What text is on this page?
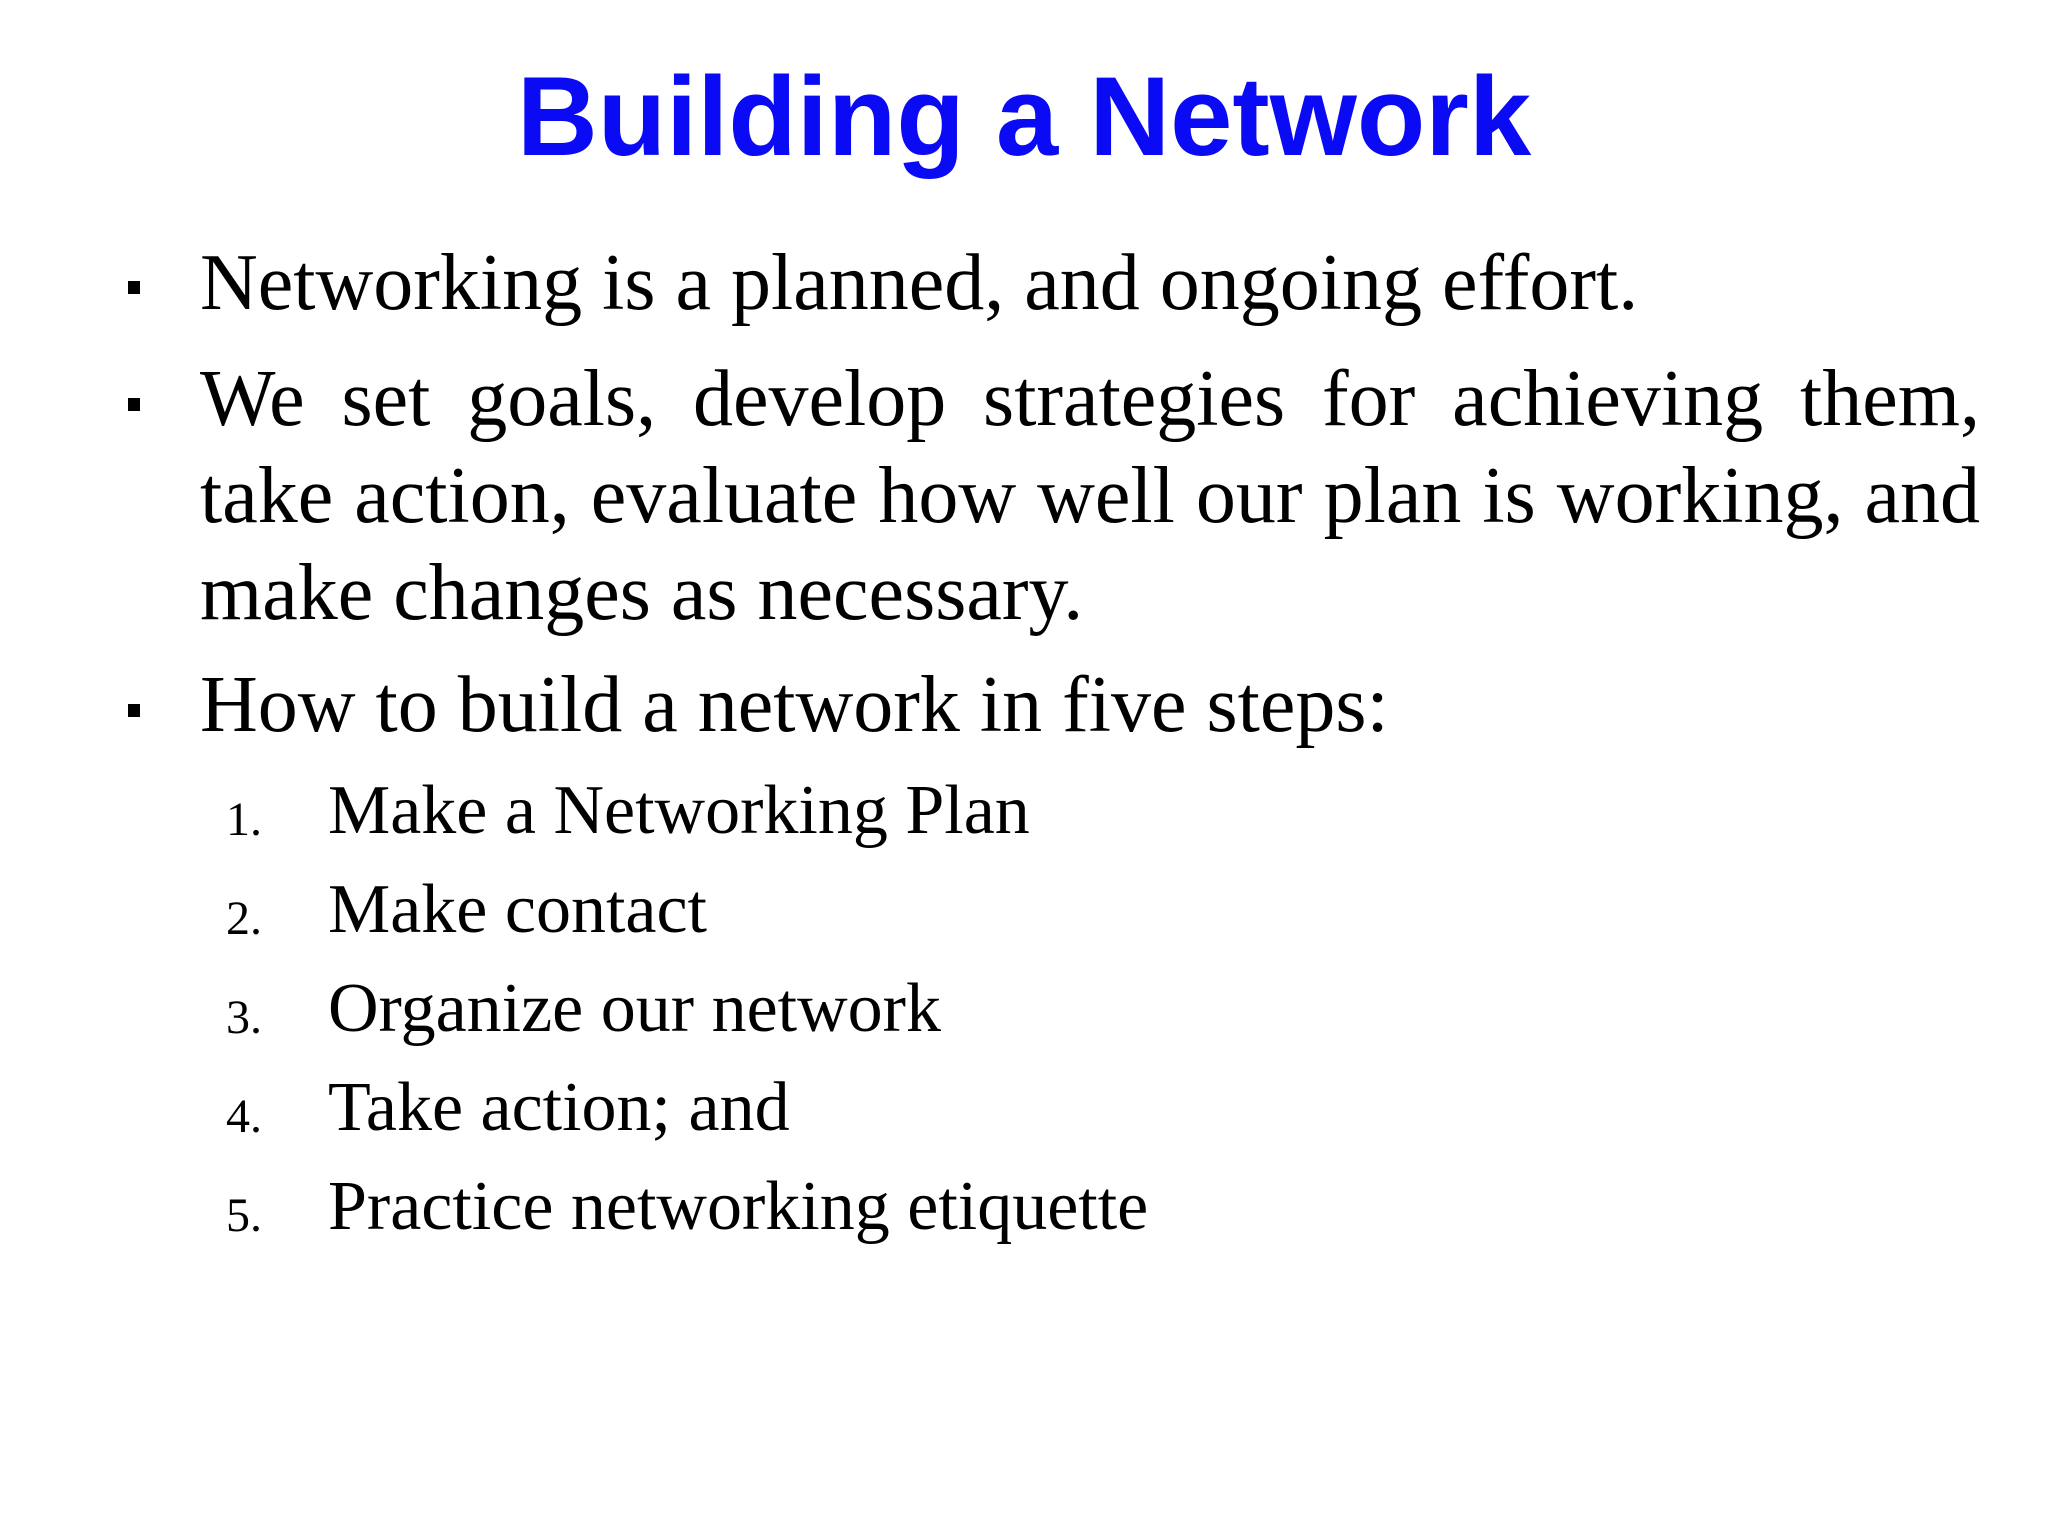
Building a Network
Networking is a planned, and ongoing effort.
We set goals, develop strategies for achieving them, take action, evaluate how well our plan is working, and make changes as necessary.
How to build a network in five steps:
1. Make a Networking Plan
2. Make contact
3. Organize our network
4. Take action; and
5. Practice networking etiquette
